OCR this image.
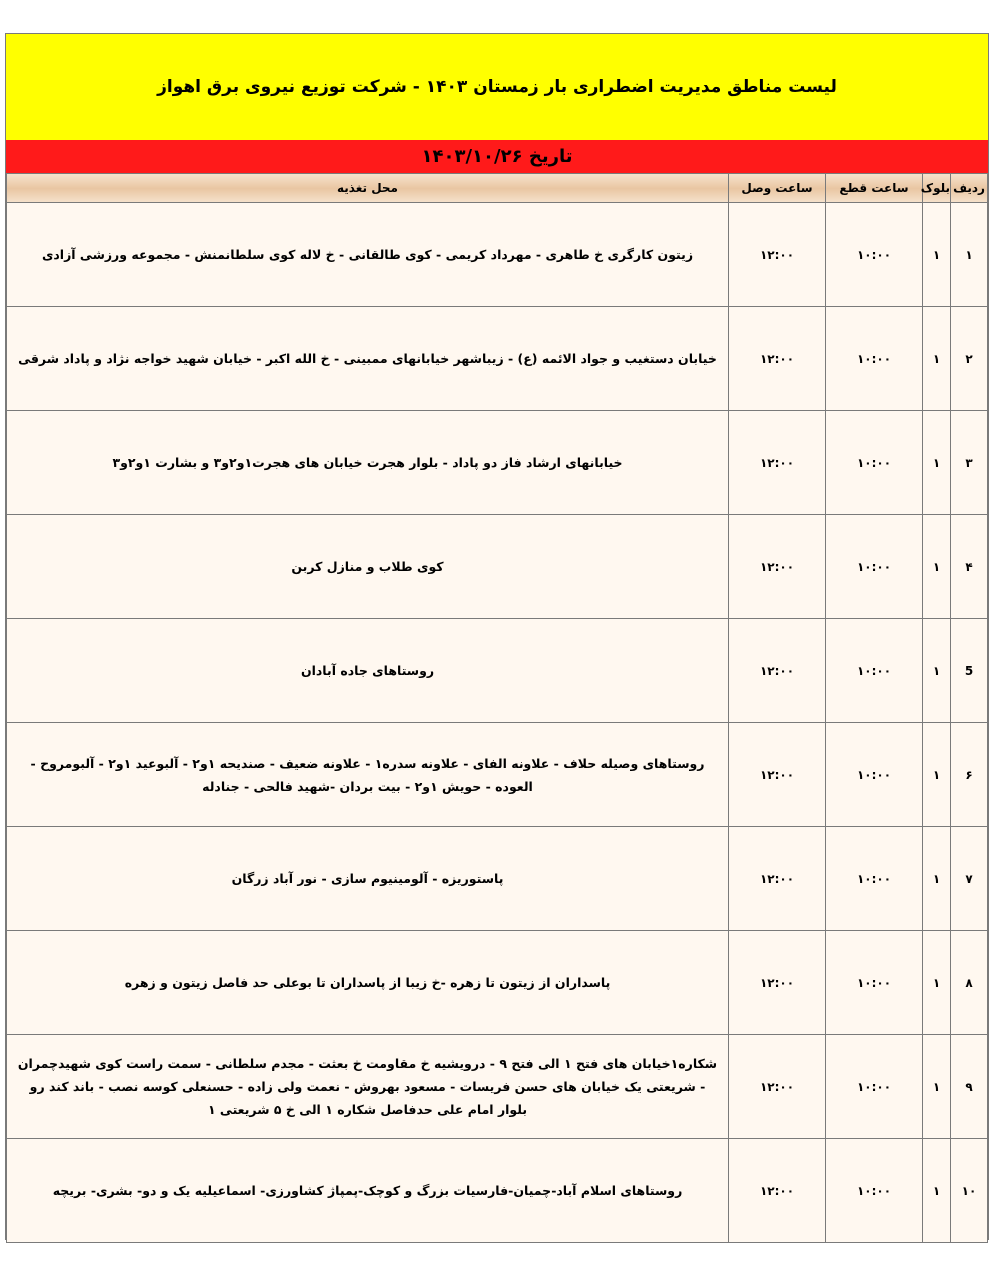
لیست مناطق مدیریت اضطراری بار زمستان ۱۴۰۳ - شرکت توزیع نیروی برق اهواز
تاریخ ۱۴۰۳/۱۰/۲۶
ردیف	بلوک	ساعت قطع	ساعت وصل	محل تغذیه
۱	۱	۱۰:۰۰	۱۲:۰۰	زیتون کارگری خ طاهری - مهرداد کریمی - کوی طالقانی - خ لاله کوی سلطانمنش - مجموعه ورزشی آزادی
۲	۱	۱۰:۰۰	۱۲:۰۰	خیابان دستغیب و جواد الائمه (ع) - زیباشهر خیابانهای ممبینی - خ الله اکبر - خیابان شهید خواجه نژاد و پاداد شرقی
۳	۱	۱۰:۰۰	۱۲:۰۰	خیابانهای ارشاد فاز دو پاداد - بلوار هجرت خیابان های هجرت۱و۲و۳ و بشارت ۱و۲و۳
۴	۱	۱۰:۰۰	۱۲:۰۰	کوی طلاب و منازل کربن
5	۱	۱۰:۰۰	۱۲:۰۰	روستاهای جاده آبادان
۶	۱	۱۰:۰۰	۱۲:۰۰	روستاهای وصیله حلاف - علاونه الفای - علاونه سدره۱ - علاونه ضعیف - صندیحه ۱و۲ - آلبوعید ۱و۲ - آلبومروح - العوده - حویش ۱و۲ - بیت بردان -شهید فالحی - جنادله
۷	۱	۱۰:۰۰	۱۲:۰۰	پاستوریزه - آلومینیوم سازی - نور آباد زرگان
۸	۱	۱۰:۰۰	۱۲:۰۰	پاسداران از زیتون تا زهره -خ زیبا از پاسداران تا بوعلی حد فاصل زیتون و زهره
۹	۱	۱۰:۰۰	۱۲:۰۰	شکاره۱خیابان های فتح ۱ الی فتح ۹ - درویشیه خ مقاومت خ بعثت - مجدم سلطانی - سمت راست کوی شهیدچمران - شریعتی یک خیابان های حسن فریسات - مسعود بهروش - نعمت ولی زاده - حسنعلی کوسه نصب - باند کند رو بلوار امام علی حدفاصل شکاره ۱ الی خ ۵ شریعتی ۱
۱۰	۱	۱۰:۰۰	۱۲:۰۰	روستاهای اسلام آباد-چمیان-فارسیات بزرگ و کوچک-پمپاژ کشاورزی- اسماعیلیه یک و دو- بشری- بریچه
